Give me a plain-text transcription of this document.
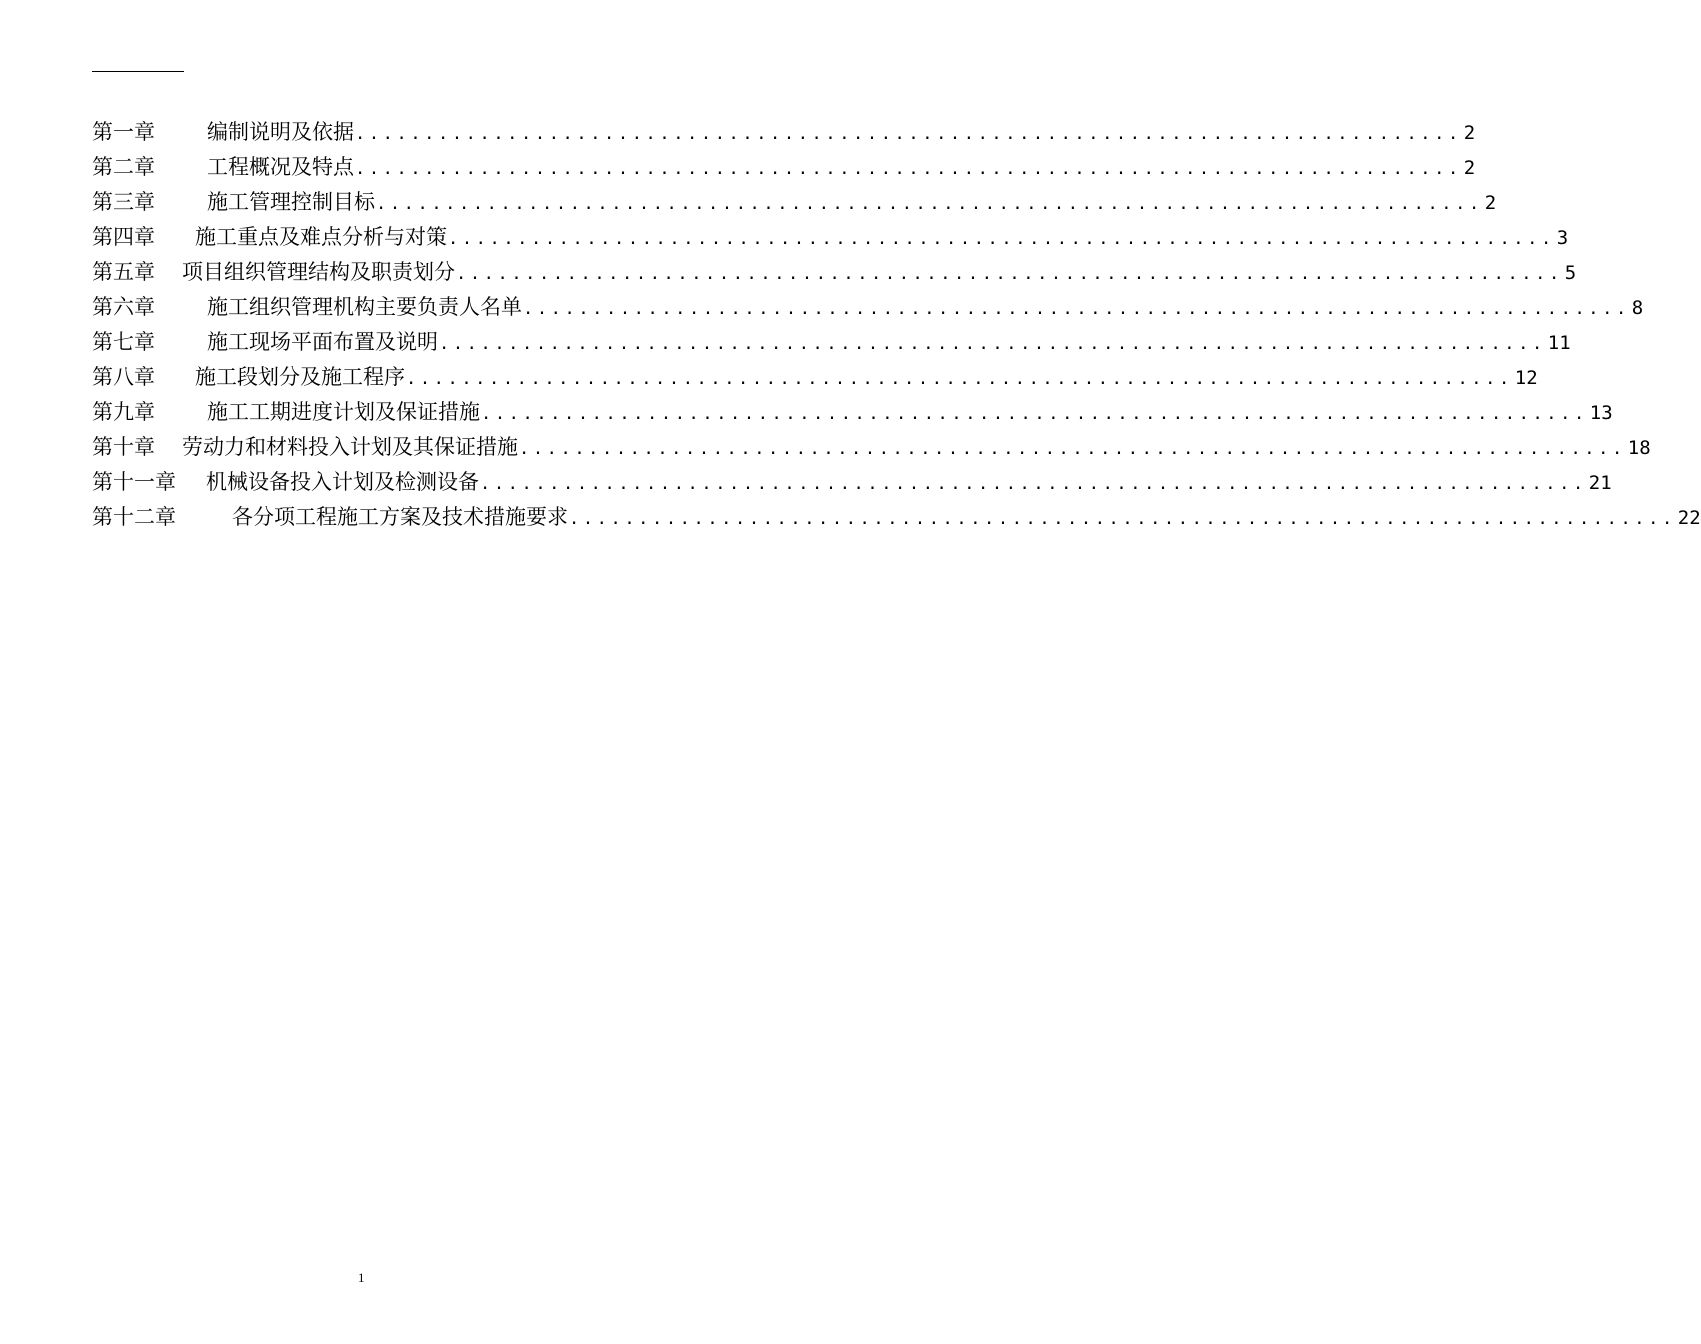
第一章	编制说明及依据 ................................................................................ 2
第二章	工程概况及特点 ................................................................................ 2
第三章	施工管理控制目标 ................................................................................ 2
第四章	施工重点及难点分析与对策 ................................................................................ 3
第五章	项目组织管理结构及职责划分 ................................................................................ 5
第六章	施工组织管理机构主要负责人名单 ................................................................................ 8
第七章	施工现场平面布置及说明 ................................................................................ 11
第八章	施工段划分及施工程序 ................................................................................ 12
第九章	施工工期进度计划及保证措施 ................................................................................ 13
第十章	劳动力和材料投入计划及其保证措施 ................................................................................ 18
第十一章	机械设备投入计划及检测设备 ................................................................................ 21
第十二章	各分项工程施工方案及技术措施要求 ................................................................................ 22
1
